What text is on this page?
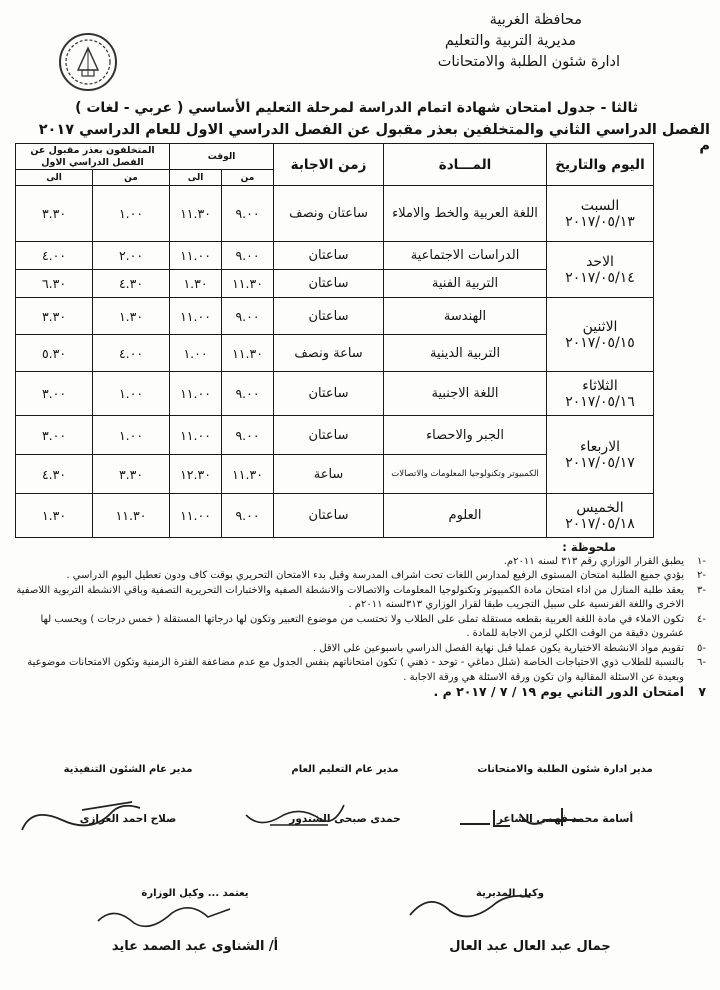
محافظة الغربية
مديرية التربية والتعليم
ادارة شئون الطلبة والامتحانات
ثالثا - جدول امتحان شهادة اتمام الدراسة لمرحلة التعليم الأساسي ( عربي - لغات )
الفصل الدراسي الثاني والمتخلفين بعذر مقبول عن الفصل الدراسي الاول للعام الدراسي ٢٠١٧ م
اليوم والتاريخ	المـــادة	زمن الاجابة	الوقت		المتخلفون بعذر مقبول عن الفصل الدراسي الاول	
			من	الى	من	الى
السبت
٢٠١٧/٠٥/١٣	اللغة العربية والخط والاملاء	ساعتان ونصف	٩.٠٠	١١.٣٠	١.٠٠	٣.٣٠
الاحد
٢٠١٧/٠٥/١٤	الدراسات الاجتماعية	ساعتان	٩.٠٠	١١.٠٠	٢.٠٠	٤.٠٠
	التربية الفنية	ساعتان	١١.٣٠	١.٣٠	٤.٣٠	٦.٣٠
الاثنين
٢٠١٧/٠٥/١٥	الهندسة	ساعتان	٩.٠٠	١١.٠٠	١.٣٠	٣.٣٠
	التربية الدينية	ساعة ونصف	١١.٣٠	١.٠٠	٤.٠٠	٥.٣٠
الثلاثاء
٢٠١٧/٠٥/١٦	اللغة الاجنبية	ساعتان	٩.٠٠	١١.٠٠	١.٠٠	٣.٠٠
الاربعاء
٢٠١٧/٠٥/١٧	الجبر والاحصاء	ساعتان	٩.٠٠	١١.٠٠	١.٠٠	٣.٠٠
	الكمبيوتر وتكنولوجيا المعلومات والاتصالات	ساعة	١١.٣٠	١٢.٣٠	٣.٣٠	٤.٣٠
الخميس
٢٠١٧/٠٥/١٨	العلوم	ساعتان	٩.٠٠	١١.٠٠	١١.٣٠	١.٣٠
ملحوظة :
-١
يطبق القرار الوزاري رقم ٣١٣ لسنه ٢٠١١م.
-٢
يؤدي جميع الطلبة امتحان المستوى الرفيع لمدارس اللغات تحت اشراف المدرسة وقبل بدء الامتحان التحريري بوقت كاف ودون تعطيل اليوم الدراسي .
-٣
يعقد طلبة المنازل من اداء امتحان مادة الكمبيوتر وتكنولوجيا المعلومات والاتصالات والانشطة الصفية والاختبارات التحريرية التصفية وباقي الانشطة التربوية اللاصفية الاخرى واللغة الفرنسية على سبيل التجريب طبقا لقرار الوزاري ٣١٣لسنه ٢٠١١م .
-٤
تكون الاملاء في مادة اللغة العربية بقطعه مستقلة تملى على الطلاب ولا تحتسب من موضوع التعبير وتكون لها درجاتها المستقلة ( خمس درجات ) ويحسب لها عشرون دقيقة من الوقت الكلي لزمن الاجابة للمادة .
-٥
تقويم مواد الانشطة الاختيارية يكون عمليا قبل نهاية الفصل الدراسي باسبوعين على الاقل .
-٦
بالنسبة للطلاب ذوي الاحتياجات الخاصة (شلل دماغي - توحد - ذهني ) تكون امتحاناتهم بنفس الجدول مع عدم مضاعفة الفترة الزمنية وتكون الامتحانات موضوعية وبعيدة عن الاسئلة المقالية وان تكون ورقة الاسئلة هي ورقة الاجابة .
٧
امتحان الدور الثاني يوم ١٩ / ٧ / ٢٠١٧ م .
مدير ادارة شئون الطلبة والامتحانات
أسامة محمد فهمي الشاعر
مدير عام التعليم العام
حمدى صبحى الشندور
مدير عام الشئون التنفيذية
صلاح احمد العرازى
وكيل المديرية
جمال عبد العال عبد العال
يعتمد ... وكيل الوزارة
أ/ الشناوى عبد الصمد عايد
